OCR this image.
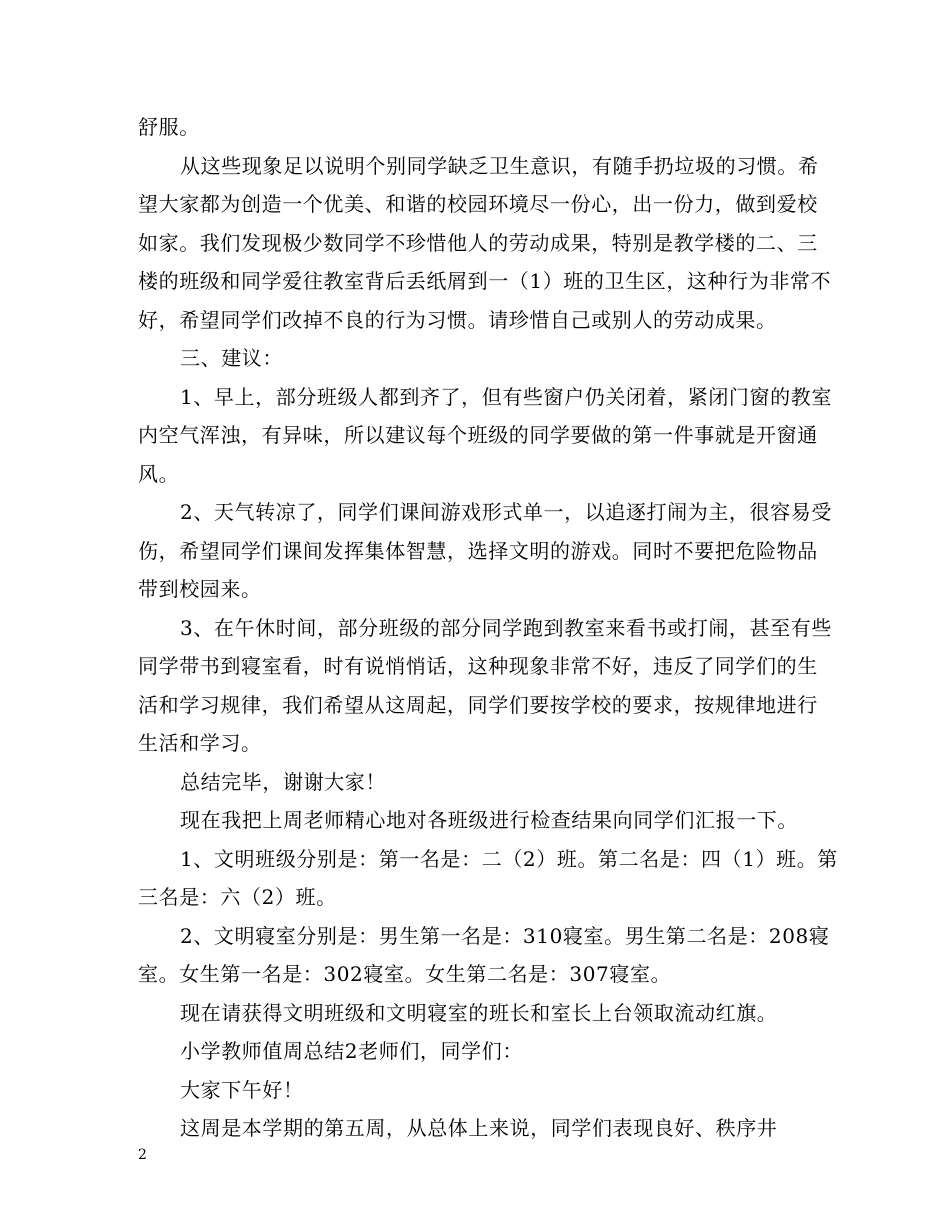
舒服。

从这些现象足以说明个别同学缺乏卫生意识，有随手扔垃圾的习惯。希望大家都为创造一个优美、和谐的校园环境尽一份心，出一份力，做到爱校如家。我们发现极少数同学不珍惜他人的劳动成果，特别是教学楼的二、三楼的班级和同学爱往教室背后丢纸屑到一（1）班的卫生区，这种行为非常不好，希望同学们改掉不良的行为习惯。请珍惜自己或别人的劳动成果。

三、建议：

1、早上，部分班级人都到齐了，但有些窗户仍关闭着，紧闭门窗的教室内空气浑浊，有异味，所以建议每个班级的同学要做的第一件事就是开窗通风。

2、天气转凉了，同学们课间游戏形式单一，以追逐打闹为主，很容易受伤，希望同学们课间发挥集体智慧，选择文明的游戏。同时不要把危险物品带到校园来。

3、在午休时间，部分班级的部分同学跑到教室来看书或打闹，甚至有些同学带书到寝室看，时有说悄悄话，这种现象非常不好，违反了同学们的生活和学习规律，我们希望从这周起，同学们要按学校的要求，按规律地进行生活和学习。

总结完毕，谢谢大家！

现在我把上周老师精心地对各班级进行检查结果向同学们汇报一下。

1、文明班级分别是：第一名是：二（2）班。第二名是：四（1）班。第三名是：六（2）班。

2、文明寝室分别是：男生第一名是：310寝室。男生第二名是：208寝室。女生第一名是：302寝室。女生第二名是：307寝室。

现在请获得文明班级和文明寝室的班长和室长上台领取流动红旗。

小学教师值周总结2老师们，同学们：

大家下午好！

这周是本学期的第五周，从总体上来说，同学们表现良好、秩序井

2
